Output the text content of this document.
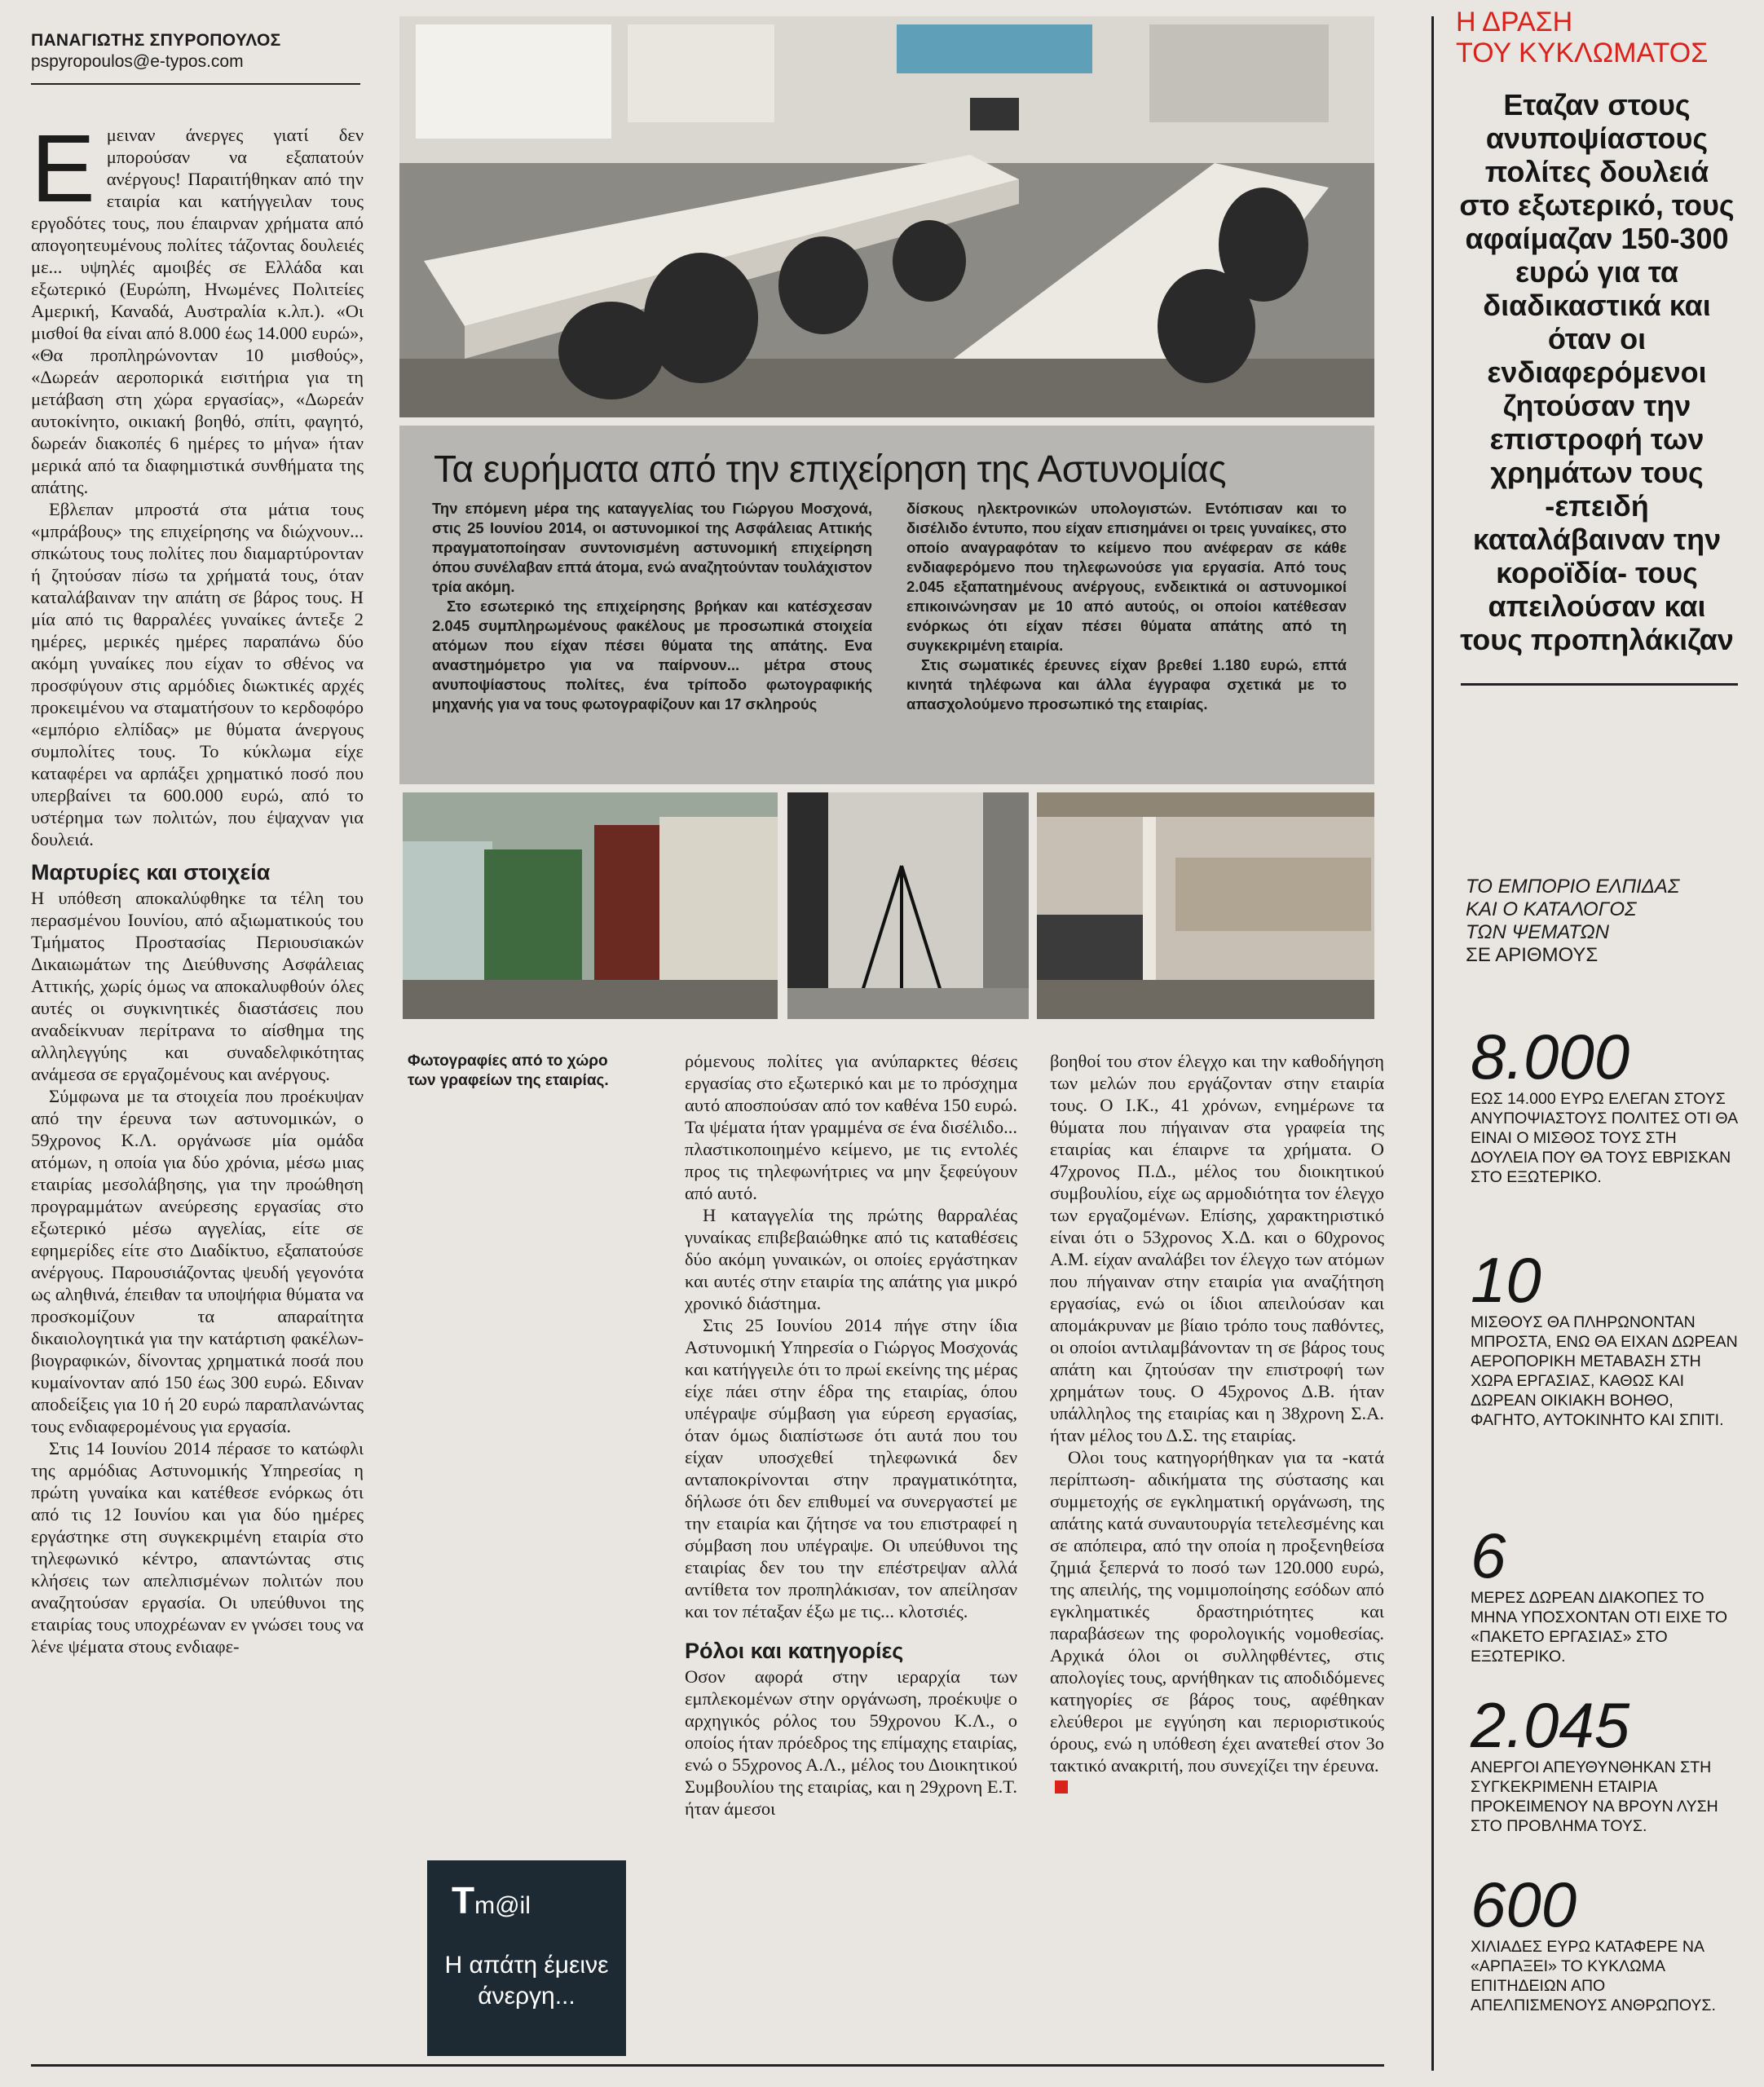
ΠΑΝΑΓΙΩΤΗΣ ΣΠΥΡΟΠΟΥΛΟΣ
pspyropoulos@e-typos.com
Ε μειναν άνεργες γιατί δεν μπορούσαν να εξαπατούν ανέργους! Παραιτήθηκαν από την εταιρία και κατήγγειλαν τους εργοδότες τους, που έπαιρναν χρήματα από απογοητευμένους πολίτες τάζοντας δουλειές με... υψηλές αμοιβές σε Ελλάδα και εξωτερικό (Ευρώπη, Ηνωμένες Πολιτείες Αμερική, Καναδά, Αυστραλία κ.λπ.). «Οι μισθοί θα είναι από 8.000 έως 14.000 ευρώ», «Θα προπληρώνονταν 10 μισθούς», «Δωρεάν αεροπορικά εισιτήρια για τη μετάβαση στη χώρα εργασίας», «Δωρεάν αυτοκίνητο, οικιακή βοηθό, σπίτι, φαγητό, δωρεάν διακοπές 6 ημέρες το μήνα» ήταν μερικά από τα διαφημιστικά συνθήματα της απάτης.

Εβλεπαν μπροστά στα μάτια τους «μπράβους» της επιχείρησης να διώχνουν... σπκώτους τους πολίτες που διαμαρτύρονταν ή ζητούσαν πίσω τα χρήματά τους, όταν καταλάβαιναν την απάτη σε βάρος τους. Η μία από τις θαρραλέες γυναίκες άντεξε 2 ημέρες, μερικές ημέρες παραπάνω δύο ακόμη γυναίκες που είχαν το σθένος να προσφύγουν στις αρμόδιες διωκτικές αρχές προκειμένου να σταματήσουν το κερδοφόρο «εμπόριο ελπίδας» με θύματα άνεργους συμπολίτες τους. Το κύκλωμα είχε καταφέρει να αρπάξει χρηματικό ποσό που υπερβαίνει τα 600.000 ευρώ, από το υστέρημα των πολιτών, που έψαχναν για δουλειά.

Μαρτυρίες και στοιχεία

Η υπόθεση αποκαλύφθηκε τα τέλη του περασμένου Ιουνίου, από αξιωματικούς του Τμήματος Προστασίας Περιουσιακών Δικαιωμάτων της Διεύθυνσης Ασφάλειας Αττικής, χωρίς όμως να αποκαλυφθούν όλες αυτές οι συγκινητικές διαστάσεις που αναδείκνυαν περίτρανα το αίσθημα της αλληλεγγύης και συναδελφικότητας ανάμεσα σε εργαζομένους και ανέργους.

Σύμφωνα με τα στοιχεία που προέκυψαν από την έρευνα των αστυνομικών, ο 59χρονος Κ.Λ. οργάνωσε μία ομάδα ατόμων, η οποία για δύο χρόνια, μέσω μιας εταιρίας μεσολάβησης, για την προώθηση προγραμμάτων ανεύρεσης εργασίας στο εξωτερικό μέσω αγγελίας, είτε σε εφημερίδες είτε στο Διαδίκτυο, εξαπατούσε ανέργους. Παρουσιάζοντας ψευδή γεγονότα ως αληθινά, έπειθαν τα υποψήφια θύματα να προσκομίζουν τα απαραίτητα δικαιολογητικά για την κατάρτιση φακέλων-βιογραφικών, δίνοντας χρηματικά ποσά που κυμαίνονταν από 150 έως 300 ευρώ. Εδιναν αποδείξεις για 10 ή 20 ευρώ παραπλανώντας τους ενδιαφερομένους για εργασία.

Στις 14 Ιουνίου 2014 πέρασε το κατώφλι της αρμόδιας Αστυνομικής Υπηρεσίας η πρώτη γυναίκα και κατέθεσε ενόρκως ότι από τις 12 Ιουνίου και για δύο ημέρες εργάστηκε στη συγκεκριμένη εταιρία στο τηλεφωνικό κέντρο, απαντώντας στις κλήσεις των απελπισμένων πολιτών που αναζητούσαν εργασία. Οι υπεύθυνοι της εταιρίας τους υποχρέωναν εν γνώσει τους να λένε ψέματα στους ενδιαφε-

Τα ευρήματα από την επιχείρηση της Αστυνομίας

Την επόμενη μέρα της καταγγελίας του Γιώργου Μοσχονά, στις 25 Ιουνίου 2014, οι αστυνομικοί της Ασφάλειας Αττικής πραγματοποίησαν συντονισμένη αστυνομική επιχείρηση όπου συνέλαβαν επτά άτομα, ενώ αναζητούνταν τουλάχιστον τρία ακόμη.

Στο εσωτερικό της επιχείρησης βρήκαν και κατέσχεσαν 2.045 συμπληρωμένους φακέλους με προσωπικά στοιχεία ατόμων που είχαν πέσει θύματα της απάτης. Ενα αναστημόμετρο για να παίρνουν... μέτρα στους ανυποψίαστους πολίτες, ένα τρίποδο φωτογραφικής μηχανής για να τους φωτογραφίζουν και 17 σκληρούς

δίσκους ηλεκτρονικών υπολογιστών. Εντόπισαν και το δισέλιδο έντυπο, που είχαν επισημάνει οι τρεις γυναίκες, στο οποίο αναγραφόταν το κείμενο που ανέφεραν σε κάθε ενδιαφερόμενο που τηλεφωνούσε για εργασία. Από τους 2.045 εξαπατημένους ανέργους, ενδεικτικά οι αστυνομικοί επικοινώνησαν με 10 από αυτούς, οι οποίοι κατέθεσαν ενόρκως ότι είχαν πέσει θύματα απάτης από τη συγκεκριμένη εταιρία.

Στις σωματικές έρευνες είχαν βρεθεί 1.180 ευρώ, επτά κινητά τηλέφωνα και άλλα έγγραφα σχετικά με το απασχολούμενο προσωπικό της εταιρίας.

Φωτογραφίες από το χώρο των γραφείων της εταιρίας.

ρόμενους πολίτες για ανύπαρκτες θέσεις εργασίας στο εξωτερικό και με το πρόσχημα αυτό αποσπούσαν από τον καθένα 150 ευρώ. Τα ψέματα ήταν γραμμένα σε ένα δισέλιδο... πλαστικοποιημένο κείμενο, με τις εντολές προς τις τηλεφωνήτριες να μην ξεφεύγουν από αυτό.

Η καταγγελία της πρώτης θαρραλέας γυναίκας επιβεβαιώθηκε από τις καταθέσεις δύο ακόμη γυναικών, οι οποίες εργάστηκαν και αυτές στην εταιρία της απάτης για μικρό χρονικό διάστημα.

Στις 25 Ιουνίου 2014 πήγε στην ίδια Αστυνομική Υπηρεσία ο Γιώργος Μοσχονάς και κατήγγειλε ότι το πρωί εκείνης της μέρας είχε πάει στην έδρα της εταιρίας, όπου υπέγραψε σύμβαση για εύρεση εργασίας, όταν όμως διαπίστωσε ότι αυτά που του είχαν υποσχεθεί τηλεφωνικά δεν ανταποκρίνονται στην πραγματικότητα, δήλωσε ότι δεν επιθυμεί να συνεργαστεί με την εταιρία και ζήτησε να του επιστραφεί η σύμβαση που υπέγραψε. Οι υπεύθυνοι της εταιρίας δεν του την επέστρεψαν αλλά αντίθετα τον προπηλάκισαν, τον απείλησαν και τον πέταξαν έξω με τις... κλοτσιές.

Ρόλοι και κατηγορίες

Οσον αφορά στην ιεραρχία των εμπλεκομένων στην οργάνωση, προέκυψε ο αρχηγικός ρόλος του 59χρονου Κ.Λ., ο οποίος ήταν πρόεδρος της επίμαχης εταιρίας, ενώ ο 55χρονος Α.Λ., μέλος του Διοικητικού Συμβουλίου της εταιρίας, και η 29χρονη Ε.Τ. ήταν άμεσοι

βοηθοί του στον έλεγχο και την καθοδήγηση των μελών που εργάζονταν στην εταιρία τους. Ο Ι.Κ., 41 χρόνων, ενημέρωνε τα θύματα που πήγαιναν στα γραφεία της εταιρίας και έπαιρνε τα χρήματα. Ο 47χρονος Π.Δ., μέλος του διοικητικού συμβουλίου, είχε ως αρμοδιότητα τον έλεγχο των εργαζομένων. Επίσης, χαρακτηριστικό είναι ότι ο 53χρονος Χ.Δ. και ο 60χρονος Α.Μ. είχαν αναλάβει τον έλεγχο των ατόμων που πήγαιναν στην εταιρία για αναζήτηση εργασίας, ενώ οι ίδιοι απειλούσαν και απομάκρυναν με βίαιο τρόπο τους παθόντες, οι οποίοι αντιλαμβάνονταν τη σε βάρος τους απάτη και ζητούσαν την επιστροφή των χρημάτων τους. Ο 45χρονος Δ.Β. ήταν υπάλληλος της εταιρίας και η 38χρονη Σ.Α. ήταν μέλος του Δ.Σ. της εταιρίας.

Ολοι τους κατηγορήθηκαν για τα -κατά περίπτωση- αδικήματα της σύστασης και συμμετοχής σε εγκληματική οργάνωση, της απάτης κατά συναυτουργία τετελεσμένης και σε απόπειρα, από την οποία η προξενηθείσα ζημιά ξεπερνά το ποσό των 120.000 ευρώ, της απειλής, της νομιμοποίησης εσόδων από εγκληματικές δραστηριότητες και παραβάσεων της φορολογικής νομοθεσίας. Αρχικά όλοι οι συλληφθέντες, στις απολογίες τους, αρνήθηκαν τις αποδιδόμενες κατηγορίες σε βάρος τους, αφέθηκαν ελεύθεροι με εγγύηση και περιοριστικούς όρους, ενώ η υπόθεση έχει ανατεθεί στον 3ο τακτικό ανακριτή, που συνεχίζει την έρευνα.

Tm@il
Η απάτη έμεινε άνεργη...
Η ΔΡΑΣΗ
ΤΟΥ ΚΥΚΛΩΜΑΤΟΣ
Εταζαν στους ανυποψίαστους πολίτες δουλειά στο εξωτερικό, τους αφαίμαζαν 150-300 ευρώ για τα διαδικαστικά και όταν οι ενδιαφερόμενοι ζητούσαν την επιστροφή των χρημάτων τους -επειδή καταλάβαιναν την κοροϊδία- τους απειλούσαν και τους προπηλάκιζαν
ΤΟ ΕΜΠΟΡΙΟ ΕΛΠΙΔΑΣ
ΚΑΙ Ο ΚΑΤΑΛΟΓΟΣ
ΤΩΝ ΨΕΜΑΤΩΝ
ΣΕ ΑΡΙΘΜΟΥΣ
8.000
ΕΩΣ 14.000 ΕΥΡΩ ΕΛΕΓΑΝ ΣΤΟΥΣ ΑΝΥΠΟΨΙΑΣΤΟΥΣ ΠΟΛΙΤΕΣ ΟΤΙ ΘΑ ΕΙΝΑΙ Ο ΜΙΣΘΟΣ ΤΟΥΣ ΣΤΗ ΔΟΥΛΕΙΑ ΠΟΥ ΘΑ ΤΟΥΣ ΕΒΡΙΣΚΑΝ ΣΤΟ ΕΞΩΤΕΡΙΚΟ.
10
ΜΙΣΘΟΥΣ ΘΑ ΠΛΗΡΩΝΟΝΤΑΝ ΜΠΡΟΣΤΑ, ΕΝΩ ΘΑ ΕΙΧΑΝ ΔΩΡΕΑΝ ΑΕΡΟΠΟΡΙΚΗ ΜΕΤΑΒΑΣΗ ΣΤΗ ΧΩΡΑ ΕΡΓΑΣΙΑΣ, ΚΑΘΩΣ ΚΑΙ ΔΩΡΕΑΝ ΟΙΚΙΑΚΗ ΒΟΗΘΟ, ΦΑΓΗΤΟ, ΑΥΤΟΚΙΝΗΤΟ ΚΑΙ ΣΠΙΤΙ.
6
ΜΕΡΕΣ ΔΩΡΕΑΝ ΔΙΑΚΟΠΕΣ ΤΟ ΜΗΝΑ ΥΠΟΣΧΟΝΤΑΝ ΟΤΙ ΕΙΧΕ ΤΟ «ΠΑΚΕΤΟ ΕΡΓΑΣΙΑΣ» ΣΤΟ ΕΞΩΤΕΡΙΚΟ.
2.045
ΑΝΕΡΓΟΙ ΑΠΕΥΘΥΝΘΗΚΑΝ ΣΤΗ ΣΥΓΚΕΚΡΙΜΕΝΗ ΕΤΑΙΡΙΑ ΠΡΟΚΕΙΜΕΝΟΥ ΝΑ ΒΡΟΥΝ ΛΥΣΗ ΣΤΟ ΠΡΟΒΛΗΜΑ ΤΟΥΣ.
600
ΧΙΛΙΑΔΕΣ ΕΥΡΩ ΚΑΤΑΦΕΡΕ ΝΑ «ΑΡΠΑΞΕΙ» ΤΟ ΚΥΚΛΩΜΑ ΕΠΙΤΗΔΕΙΩΝ ΑΠΟ ΑΠΕΛΠΙΣΜΕΝΟΥΣ ΑΝΘΡΩΠΟΥΣ.
